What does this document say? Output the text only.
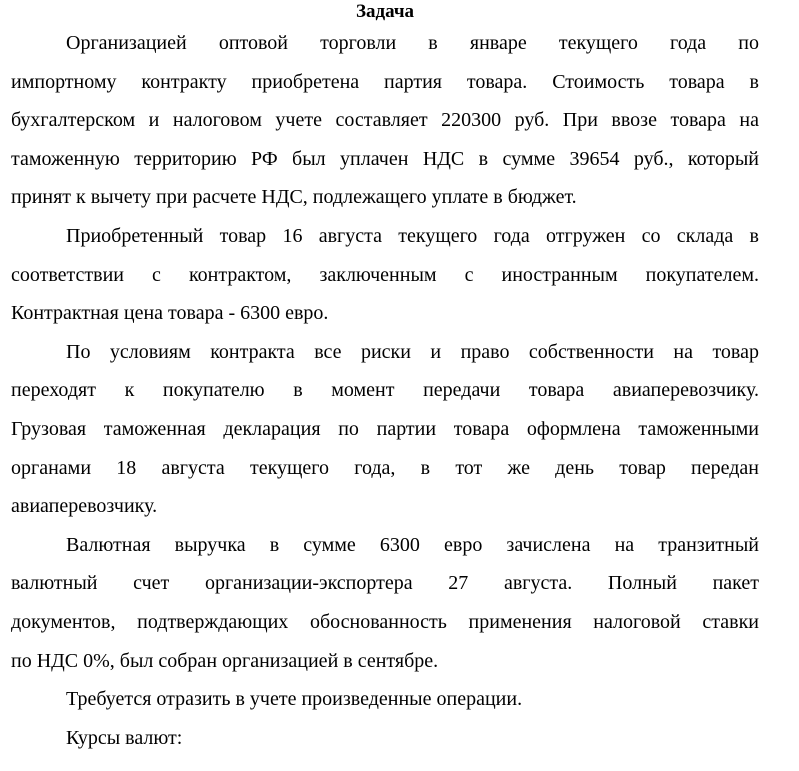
Задача
Организацией оптовой торговли в январе текущего года по
импортному контракту приобретена партия товара. Стоимость товара в
бухгалтерском и налоговом учете составляет 220300 руб. При ввозе товара на
таможенную территорию РФ был уплачен НДС в сумме 39654 руб., который
принят к вычету при расчете НДС, подлежащего уплате в бюджет.
Приобретенный товар 16 августа текущего года отгружен со склада в
соответствии с контрактом, заключенным с иностранным покупателем.
Контрактная цена товара - 6300 евро.
По условиям контракта все риски и право собственности на товар
переходят к покупателю в момент передачи товара авиаперевозчику.
Грузовая таможенная декларация по партии товара оформлена таможенными
органами 18 августа текущего года, в тот же день товар передан
авиаперевозчику.
Валютная выручка в сумме 6300 евро зачислена на транзитный
валютный счет организации-экспортера 27 августа. Полный пакет
документов, подтверждающих обоснованность применения налоговой ставки
по НДС 0%, был собран организацией в сентябре.
Требуется отразить в учете произведенные операции.
Курсы валют:
